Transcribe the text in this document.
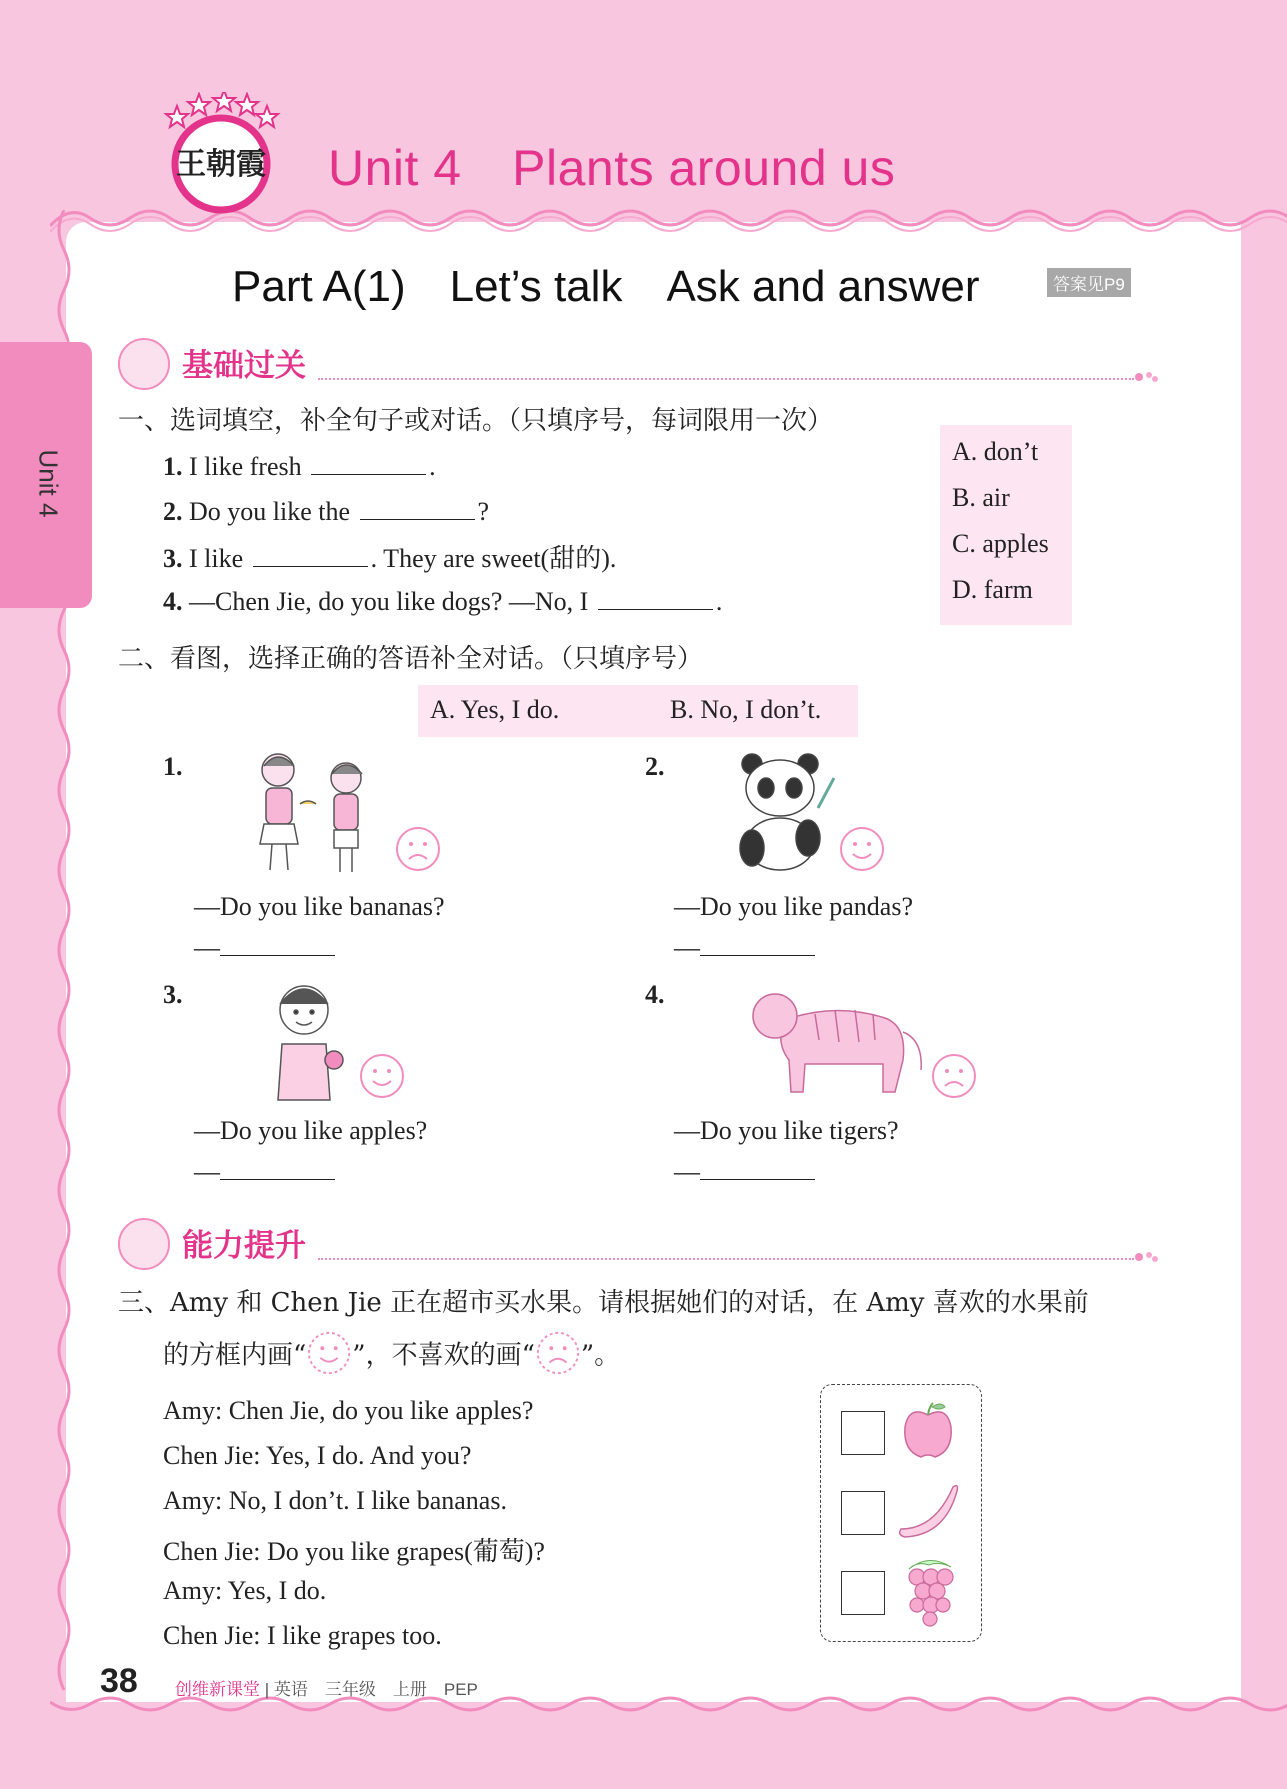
王朝霞 Unit 4　Plants around us
Part A(1)　Let’s talk　Ask and answer	答案见P9
Unit 4
基础过关
一、选词填空，补全句子或对话。（只填序号，每词限用一次）
1. I like fresh	.
2. Do you like the	?
3. I like	. They are sweet(甜的).
4. —Chen Jie, do you like dogs? —No, I	.
A. don’t
B. air
C. apples
D. farm
二、看图，选择正确的答语补全对话。（只填序号）
A. Yes, I do.	B. No, I don’t.
1.
—Do you like bananas?
—
2.
—Do you like pandas?
—
3.
—Do you like apples?
—
4.
—Do you like tigers?
—
能力提升
三、Amy 和 Chen Jie 正在超市买水果。请根据她们的对话，在 Amy 喜欢的水果前
的方框内画“ ”，不喜欢的画“ ”。
Amy: Chen Jie, do you like apples?
Chen Jie: Yes, I do. And you?
Amy: No, I don’t. I like bananas.
Chen Jie: Do you like grapes(葡萄)?
Amy: Yes, I do.
Chen Jie: I like grapes too.
38 创维新课堂 | 英语　三年级　上册　PEP
